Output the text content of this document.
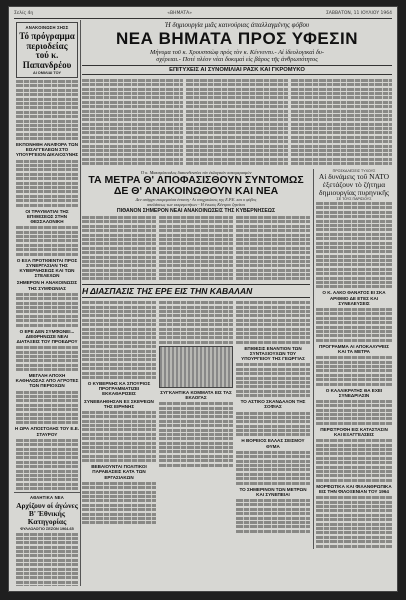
Σελίς 4η	«ΒΗΜΑΤΑ»	ΣΑΒΒΑΤΟΝ, 11 ΙΟΥΛΙΟΥ 1964
ΑΝΑΚΟΙΝΩΣΗ ΣΗΣΣ
Τό πρόγραμμα
περιοδείας
τού κ. Παπανδρέου
ΑΙ ΟΜΙΛΙΑΙ ΤΟΥ
ΕΚΠΟΝΗΘΗ ΑΝΑΦΟΡΑ ΤΩΝ ΕΙΣΑΓΓΕΛΕΩΝ ΣΤΟ ΥΠΟΥΡΓΕΙΟΝ ΔΙΚΑΙΟΣΥΝΗΣ
ΟΙ ΤΡΑΥΜΑΤΙΑΙ ΤΗΣ ΕΠΙΘΕΣΕΩΣ ΣΤΗΝ ΘΕΣΣΑΛΟΝΙΚΗ
Ο ΕΞΑ ΠΡΟΤΙΘΕΝΤΑΙ ΠΡΟΣ ΣΥΝΕΡΓΑΣΙΑΝ ΤΗΣ ΚΥΒΕΡΝΗΣΕΩΣ ΚΑΙ ΤΩΝ ΣΤΕΛΕΧΩΝ
ΣΗΜΕΡΟΝ Η ΑΝΑΚΟΙΝΩΣΙΣ ΤΗΣ ΣΥΜΦΩΝΙΑΣ
Ο ΕΡΕ ΔΕΝ ΣΥΜΦΩΝΕΙ... ΔΙΕΘΡΗΝΩΣΕ ΝΕΑΙ ΔΙΑΤΑΞΕΙΣ ΤΟΥ ΠΡΟΕΔΡΟΥ
ΜΕΓΑΛΗ ΑΠΟΧΗ ΚΑΘΗΛΩΣΑΣ ΑΠΟ ΑΓΡΟΤΕΣ ΤΩΝ ΠΕΡΙΟΧΩΝ
Η ΩΡΑ ΑΠΟΣΤΟΛΗΣ ΤΟΥ Ε.Ε. ΣΤΑΥΡΟΥ
ΑΘΛΗΤΙΚΑ ΝΕΑ
Αρχίζουν οί άγώνες
Β' Έθνικής Κατηγορίας
ΦΥΛΛΟΛΟΓΙΟ ΣΕΖΟΝ 1964-65
Ἡ δημιουργία μιᾶς καινούριας ἀπαλλαγμένης φόβου
ΝΕΑ ΒΗΜΑΤΑ ΠΡΟΣ ΥΦΕΣΙΝ
Μήνυμα τοῦ κ. Χρουστσὼφ πρὸς τὸν κ. Κέννεντυ.- Αἱ ἰδεολογικαὶ δυ-
σχέρειαι.- Ποτὲ πλέον νέαι δοκιμαὶ εἰς βάρος τῆς ἀνθρωπότητος
ΕΠΙΤΥΧΕΙΣ ΑΙ ΣΥΝΟΜΙΛΙΑΙ ΡΑΣΚ ΚΑΙ ΓΚΡΟΜΥΚΟ
Ὁ κ. Μακαρόπουλος διακινδυνεύει τὸν ἐκλογικὸν καταμερισμόν
ΤΑ ΜΕΤΡΑ Θ' ΑΠΟΦΑΣΙΣΘΟΥΝ ΣΥΝΤΟΜΩΣ
ΔΕ Θ' ΑΝΑΚΟΙΝΩΘΟΥΝ ΚΑΙ ΝΕΑ
Δεν υπάρχει εκκρεμούσα ένταση.- Αι υποχρεώσεις της Ε.Ρ.Ε. και ο φόβος
απελάσεως των εκκρεμοτήτων - Η ένωσις Κέντρου ζητείται
ΠΙΘΑΝΟΝ ΣΗΜΕΡΟΝ ΝΕΑΙ ΑΝΑΚΟΙΝΩΣΕΙΣ ΤΗΣ ΚΥΒΕΡΝΗΣΕΩΣ
Η ΔΙΑΣΠΑΣΙΣ ΤΗΣ ΕΡΕ ΕΙΣ ΤΗΝ ΚΑΒΑΛΑΝ
Ο ΚΥΒΕΡΝΗΣ ΚΑ ΣΠΟΥΡΙΟΣ ΠΡΟΓΡΑΜΜΑΤΙΖΕΙ ΕΚΚΑΘΑΡΙΣΕΙΣ
ΣΥΝΕΒΛΗΘΗΣΑΝ ΕΞ ΣΚΕΨΕΩΝ ΤΗΣ ΕΙΡΗΝΗΣ
ΒΕΒΑΙΟΥΝΤΑΙ ΠΟΛΙΤΙΚΟΙ ΠΑΡΑΒΑΣΕΙΣ ΚΑΤΑ ΤΩΝ ΕΡΓΑΣΙΑΚΩΝ
ΣΥΓΚΛΗΤΙΚΑ ΚΟΜΜΑΤΑ ΕΙΣ ΤΑΣ ΕΚΛΟΓΑΣ
ΕΠΙΘΕΣΙΣ ΕΝΑΝΤΙΟΝ ΤΩΝ ΣΥΝΤΑΞΙΟΥΧΩΝ ΤΟΥ ΥΠΟΥΡΓΕΙΟΥ ΤΗΣ ΓΕΩΡΓΙΑΣ
ΤΟ ΑΣΤΙΚΟ ΣΚΑΝΔΑΛΟΝ ΤΗΣ ΣΟΦΙΑΣ
Η ΒΟΡΕΙΟΣ ΕΛΛΑΣ ΣΕΙΣΜΟΥ ΘΥΜΑ
ΤΟ ΣΗΜΕΡΙΝΟΝ ΤΩΝ ΜΕΤΡΩΝ ΚΑΙ ΣΥΝΕΠΕΙΑΙ
ΠΡΟΣΚΑΛΕΣΕΙΣ ΤΥΧΟΥΣ
Αἱ δυνάμεις τοῦ ΝΑΤΟ
ἐξετάζουν τὸ ζήτημα
δημιουργίας πυρηνικῆς
ΣΕ ΤΟΥΣ ΠΑΡΙΣΙΟΥΣ
Ο Κ. ΑΛΚΟ ΘΑΝΑΤΟΣ ΕΙ ΣΚΑ ΑΡΙΘΜΟ ΔΕ ΕΤΕΣ ΚΑΙ ΣΥΝΕΛΕΥΣΕΙΣ
ΠΡΟΓΡΑΜΜΑ ΑΙ ΑΠΟΚΑΛΥΨΕΙΣ ΚΑΙ ΤΑ ΜΕΤΡΑ
Ο ΚΑΛΛΙΚΡΑΤΗΣ ΘΑ ΕΧΕΙ ΣΥΝΕΔΡΙΑΣΙΝ
ΠΕΡΙΣΤΡΟΦΗ ΕΙΣ ΚΑΤΑΣΤΑΣΙΝ ΚΑΙ ΕΞΑΓΓΕΛΣΕΙΣ
ΜΟΡΦΩΤΙΚΑ ΚΑΙ ΦΙΛΑΝΘΡΩΠΙΚΑ ΕΙΣ ΤΗΝ ΦΙΛΟΞΕΝΙΑΝ ΤΟΥ 1964
